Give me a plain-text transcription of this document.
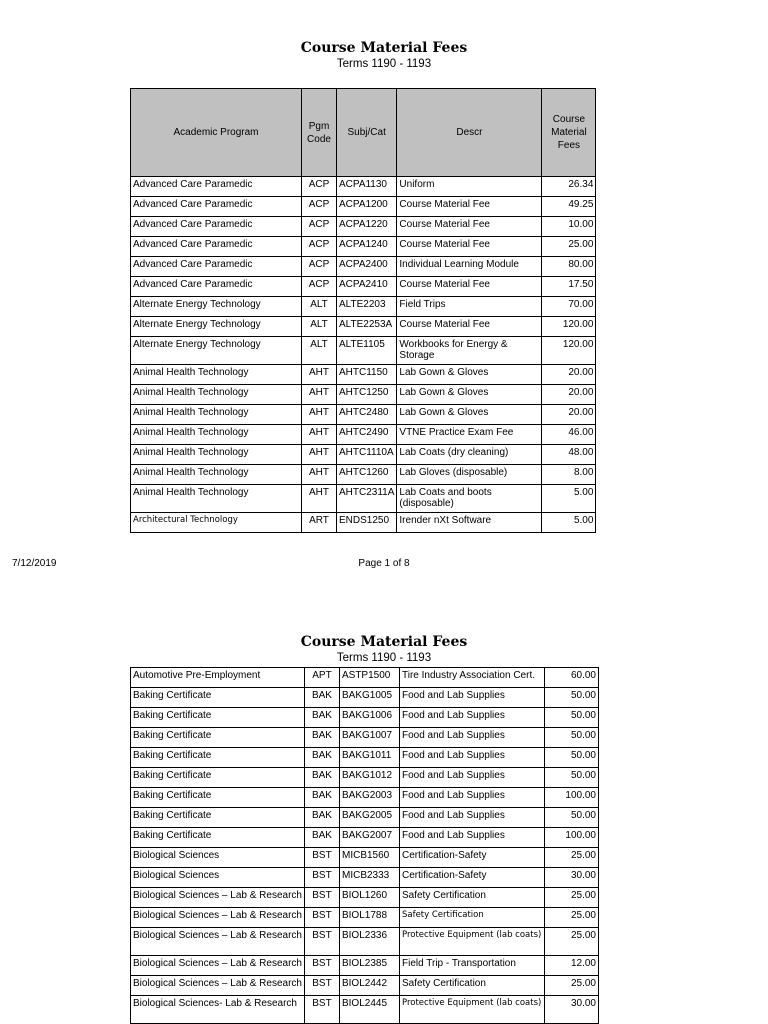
Course Material Fees
Terms 1190 - 1193
Academic Program	Pgm Code	Subj/Cat	Descr	Course Material Fees
Advanced Care Paramedic	ACP	ACPA1130	Uniform	26.34
Advanced Care Paramedic	ACP	ACPA1200	Course Material Fee	49.25
Advanced Care Paramedic	ACP	ACPA1220	Course Material Fee	10.00
Advanced Care Paramedic	ACP	ACPA1240	Course Material Fee	25.00
Advanced Care Paramedic	ACP	ACPA2400	Individual Learning Module	80.00
Advanced Care Paramedic	ACP	ACPA2410	Course Material Fee	17.50
Alternate Energy Technology	ALT	ALTE2203	Field Trips	70.00
Alternate Energy Technology	ALT	ALTE2253A	Course Material Fee	120.00
Alternate Energy Technology	ALT	ALTE1105	Workbooks for Energy & Storage	120.00
Animal Health Technology	AHT	AHTC1150	Lab Gown & Gloves	20.00
Animal Health Technology	AHT	AHTC1250	Lab Gown & Gloves	20.00
Animal Health Technology	AHT	AHTC2480	Lab Gown & Gloves	20.00
Animal Health Technology	AHT	AHTC2490	VTNE Practice Exam Fee	46.00
Animal Health Technology	AHT	AHTC1110A	Lab Coats (dry cleaning)	48.00
Animal Health Technology	AHT	AHTC1260	Lab Gloves (disposable)	8.00
Animal Health Technology	AHT	AHTC2311A	Lab Coats and boots (disposable)	5.00
Architectural Technology	ART	ENDS1250	Irender nXt Software	5.00
7/12/2019	Page 1 of 8
Course Material Fees
Terms 1190 - 1193
Automotive Pre-Employment	APT	ASTP1500	Tire Industry Association Cert.	60.00
Baking Certificate	BAK	BAKG1005	Food and Lab Supplies	50.00
Baking Certificate	BAK	BAKG1006	Food and Lab Supplies	50.00
Baking Certificate	BAK	BAKG1007	Food and Lab Supplies	50.00
Baking Certificate	BAK	BAKG1011	Food and Lab Supplies	50.00
Baking Certificate	BAK	BAKG1012	Food and Lab Supplies	50.00
Baking Certificate	BAK	BAKG2003	Food and Lab Supplies	100.00
Baking Certificate	BAK	BAKG2005	Food and Lab Supplies	50.00
Baking Certificate	BAK	BAKG2007	Food and Lab Supplies	100.00
Biological Sciences	BST	MICB1560	Certification-Safety	25.00
Biological Sciences	BST	MICB2333	Certification-Safety	30.00
Biological Sciences – Lab & Research	BST	BIOL1260	Safety Certification	25.00
Biological Sciences – Lab & Research	BST	BIOL1788	Safety Certification	25.00
Biological Sciences – Lab & Research	BST	BIOL2336	Protective Equipment (lab coats)	25.00
Biological Sciences – Lab & Research	BST	BIOL2385	Field Trip - Transportation	12.00
Biological Sciences – Lab & Research	BST	BIOL2442	Safety Certification	25.00
Biological Sciences- Lab & Research	BST	BIOL2445	Protective Equipment (lab coats)	30.00
